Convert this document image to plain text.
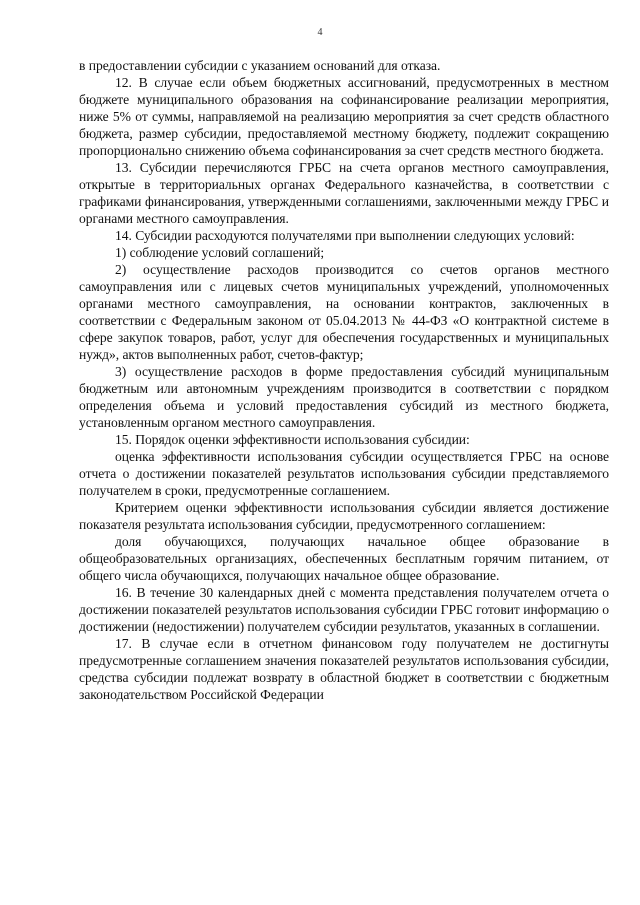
4

в предоставлении субсидии с указанием оснований для отказа.

12. В случае если объем бюджетных ассигнований, предусмотренных в местном бюджете муниципального образования на софинансирование реализации мероприятия, ниже 5% от суммы, направляемой на реализацию мероприятия за счет средств областного бюджета, размер субсидии, предоставляемой местному бюджету, подлежит сокращению пропорционально снижению объема софинансирования за счет средств местного бюджета.

13. Субсидии перечисляются ГРБС на счета органов местного самоуправления, открытые в территориальных органах Федерального казначейства, в соответствии с графиками финансирования, утвержденными соглашениями, заключенными между ГРБС и органами местного самоуправления.

14. Субсидии расходуются получателями при выполнении следующих условий:

1) соблюдение условий соглашений;

2) осуществление расходов производится со счетов органов местного самоуправления или с лицевых счетов муниципальных учреждений, уполномоченных органами местного самоуправления, на основании контрактов, заключенных в соответствии с Федеральным законом от 05.04.2013 № 44-ФЗ «О контрактной системе в сфере закупок товаров, работ, услуг для обеспечения государственных и муниципальных нужд», актов выполненных работ, счетов-фактур;

3) осуществление расходов в форме предоставления субсидий муниципальным бюджетным или автономным учреждениям производится в соответствии с порядком определения объема и условий предоставления субсидий из местного бюджета, установленным органом местного самоуправления.

15. Порядок оценки эффективности использования субсидии:

оценка эффективности использования субсидии осуществляется ГРБС на основе отчета о достижении показателей результатов использования субсидии представляемого получателем в сроки, предусмотренные соглашением.

Критерием оценки эффективности использования субсидии является достижение показателя результата использования субсидии, предусмотренного соглашением:

доля обучающихся, получающих начальное общее образование в общеобразовательных организациях, обеспеченных бесплатным горячим питанием, от общего числа обучающихся, получающих начальное общее образование.

16. В течение 30 календарных дней с момента представления получателем отчета о достижении показателей результатов использования субсидии ГРБС готовит информацию о достижении (недостижении) получателем субсидии результатов, указанных в соглашении.

17. В случае если в отчетном финансовом году получателем не достигнуты предусмотренные соглашением значения показателей результатов использования субсидии, средства субсидии подлежат возврату в областной бюджет в соответствии с бюджетным законодательством Российской Федерации
